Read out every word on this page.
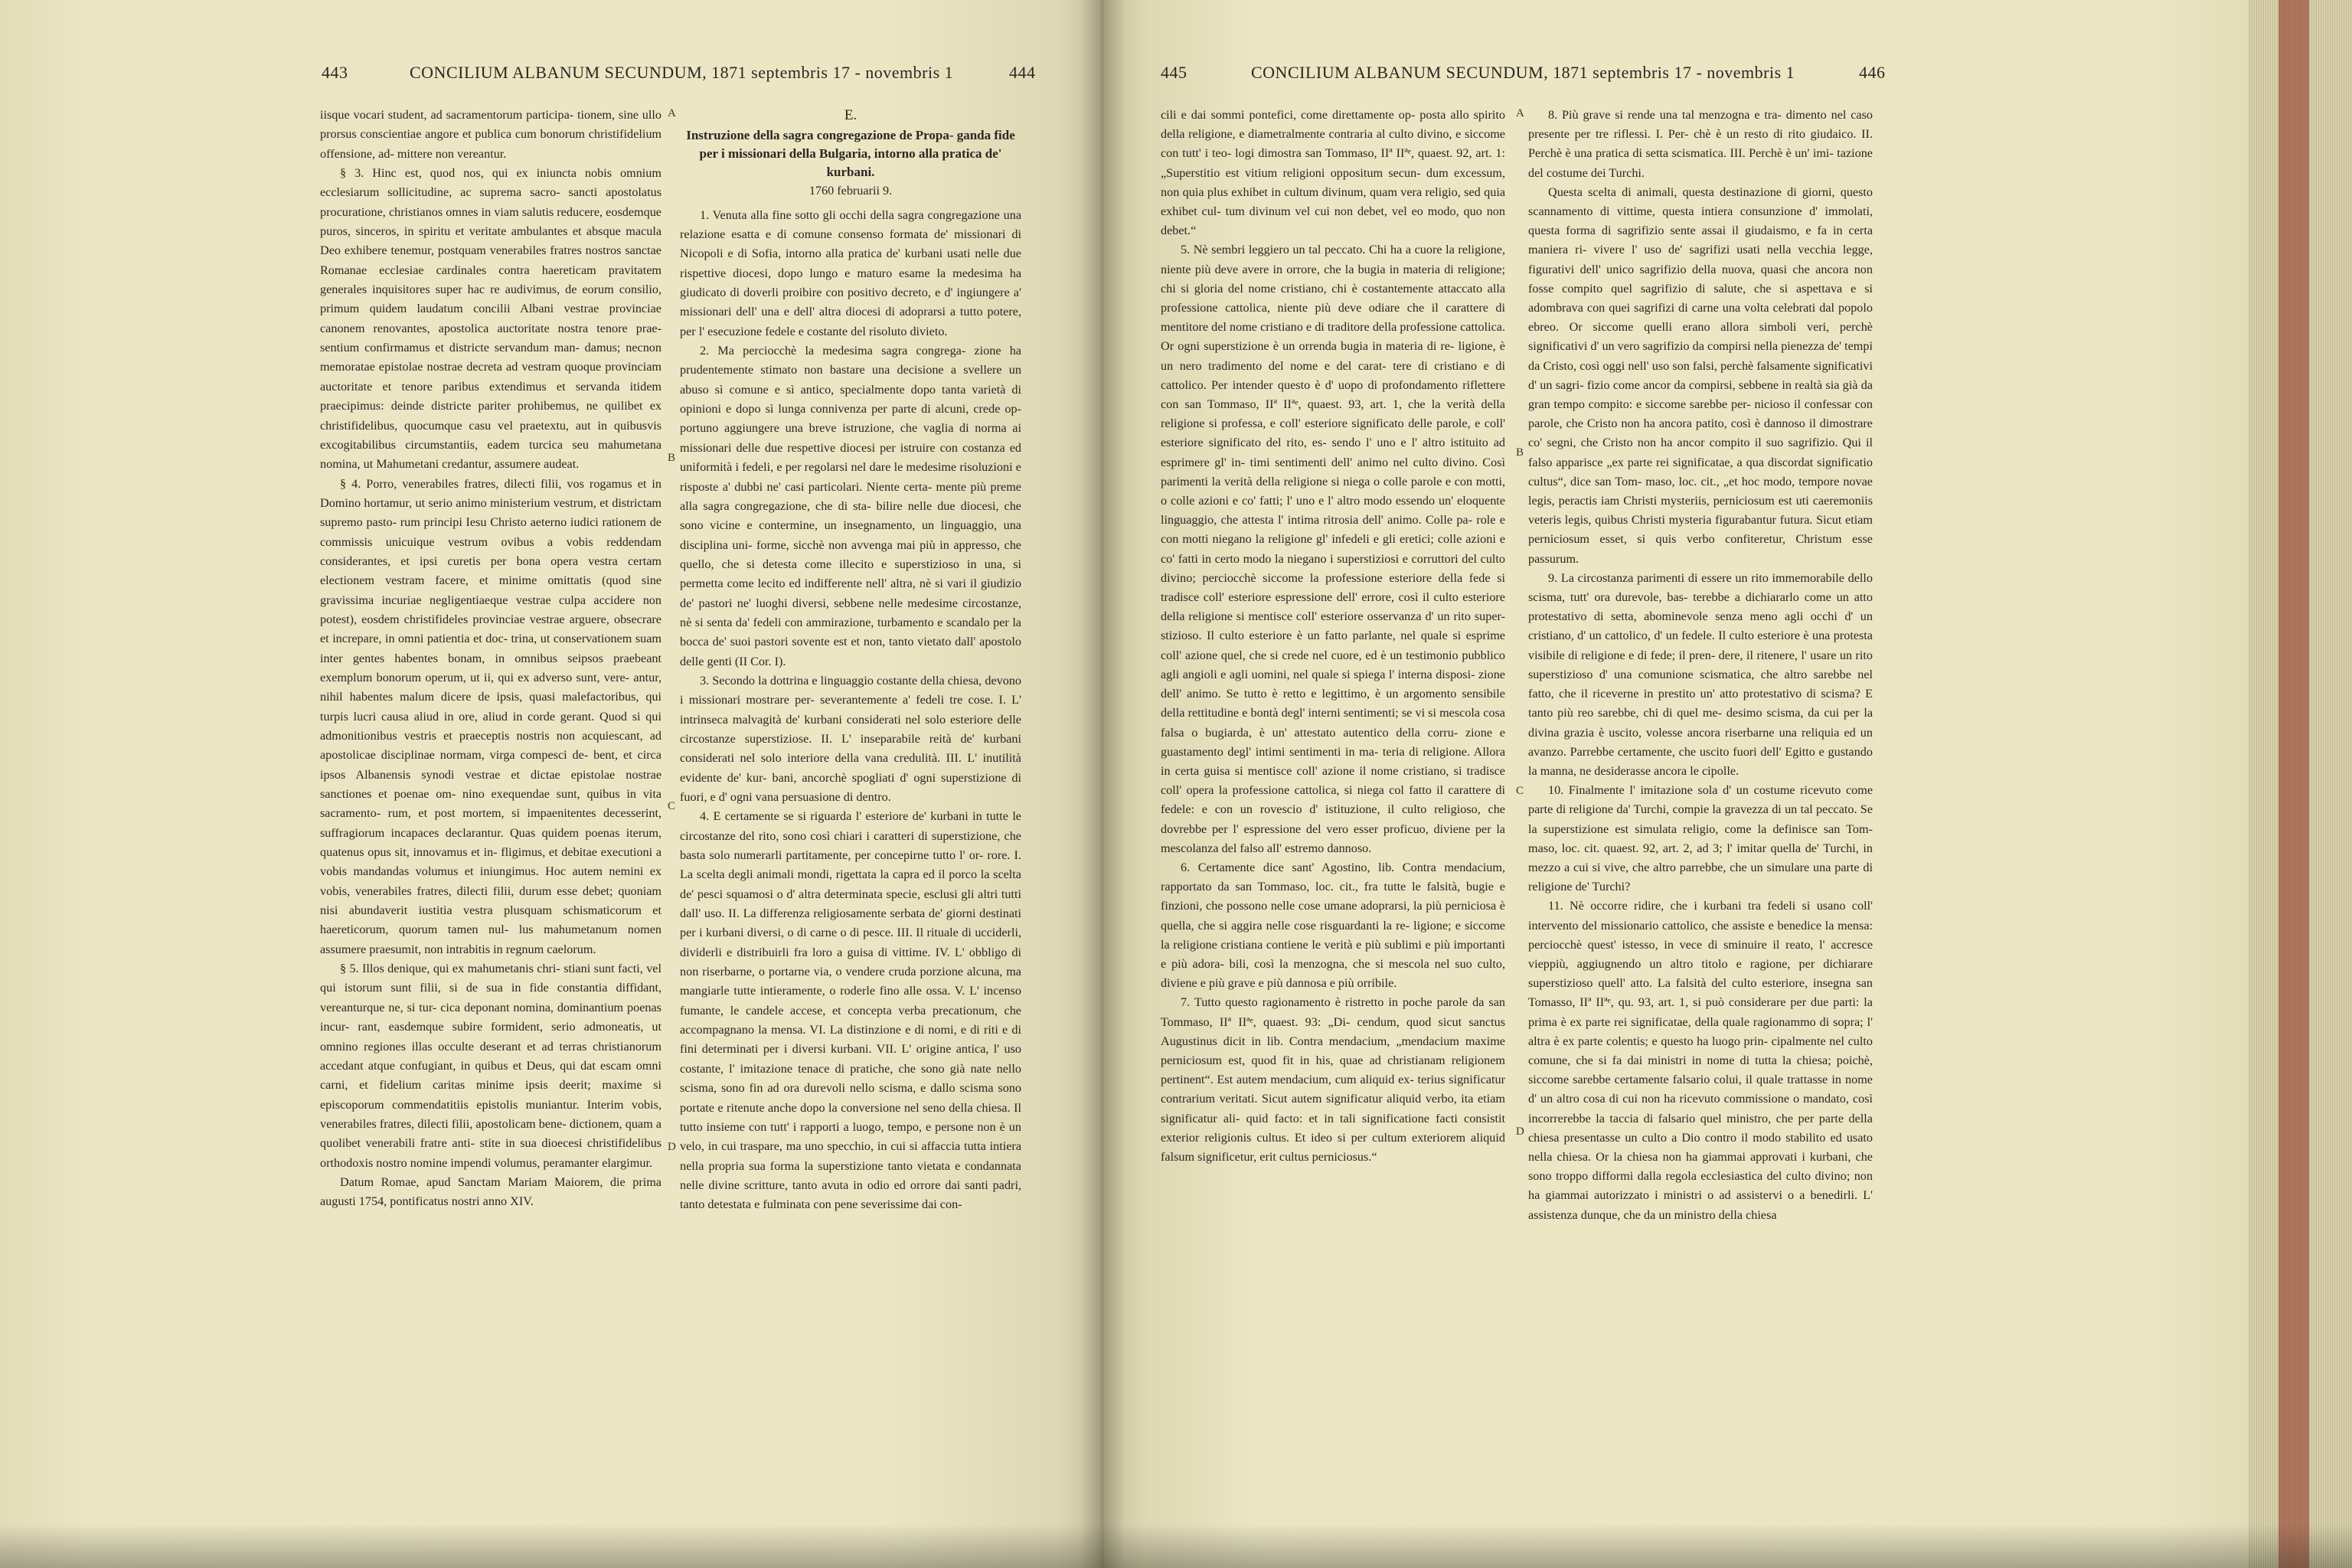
443	CONCILIUM ALBANUM SECUNDUM, 1871 septembris 17 - novembris 1	444

iisque vocari student, ad sacramentorum participa- tionem, sine ullo prorsus conscientiae angore et publica cum bonorum christifidelium offensione, ad- mittere non vereantur.

§ 3. Hinc est, quod nos, qui ex iniuncta nobis omnium ecclesiarum sollicitudine, ac suprema sacro- sancti apostolatus procuratione, christianos omnes in viam salutis reducere, eosdemque puros, sinceros, in spiritu et veritate ambulantes et absque macula Deo exhibere tenemur, postquam venerabiles fratres nostros sanctae Romanae ecclesiae cardinales contra haereticam pravitatem generales inquisitores super hac re audivimus, de eorum consilio, primum quidem laudatum concilii Albani vestrae provinciae canonem renovantes, apostolica auctoritate nostra tenore prae- sentium confirmamus et districte servandum man- damus; necnon memoratae epistolae nostrae decreta ad vestram quoque provinciam auctoritate et tenore paribus extendimus et servanda itidem praecipimus: deinde districte pariter prohibemus, ne quilibet ex christifidelibus, quocumque casu vel praetextu, aut in quibusvis excogitabilibus circumstantiis, eadem turcica seu mahumetana nomina, ut Mahumetani credantur, assumere audeat.

§ 4. Porro, venerabiles fratres, dilecti filii, vos rogamus et in Domino hortamur, ut serio animo ministerium vestrum, et districtam supremo pasto- rum principi Iesu Christo aeterno iudici rationem de commissis unicuique vestrum ovibus a vobis reddendam considerantes, et ipsi curetis per bona opera vestra certam electionem vestram facere, et minime omittatis (quod sine gravissima incuriae negligentiaeque vestrae culpa accidere non potest), eosdem christifideles provinciae vestrae arguere, obsecrare et increpare, in omni patientia et doc- trina, ut conservationem suam inter gentes habentes bonam, in omnibus seipsos praebeant exemplum bonorum operum, ut ii, qui ex adverso sunt, vere- antur, nihil habentes malum dicere de ipsis, quasi malefactoribus, qui turpis lucri causa aliud in ore, aliud in corde gerant. Quod si qui admonitionibus vestris et praeceptis nostris non acquiescant, ad apostolicae disciplinae normam, virga compesci de- bent, et circa ipsos Albanensis synodi vestrae et dictae epistolae nostrae sanctiones et poenae om- nino exequendae sunt, quibus in vita sacramento- rum, et post mortem, si impaenitentes decesserint, suffragiorum incapaces declarantur. Quas quidem poenas iterum, quatenus opus sit, innovamus et in- fligimus, et debitae executioni a vobis mandandas volumus et iniungimus. Hoc autem nemini ex vobis, venerabiles fratres, dilecti filii, durum esse debet; quoniam nisi abundaverit iustitia vestra plusquam schismaticorum et haereticorum, quorum tamen nul- lus mahumetanum nomen assumere praesumit, non intrabitis in regnum caelorum.

§ 5. Illos denique, qui ex mahumetanis chri- stiani sunt facti, vel qui istorum sunt filii, si de sua in fide constantia diffidant, vereanturque ne, si tur- cica deponant nomina, dominantium poenas incur- rant, easdemque subire formident, serio admoneatis, ut omnino regiones illas occulte deserant et ad terras christianorum accedant atque confugiant, in quibus et Deus, qui dat escam omni carni, et fidelium caritas minime ipsis deerit; maxime si episcoporum commendatitiis epistolis muniantur. Interim vobis, venerabiles fratres, dilecti filii, apostolicam bene- dictionem, quam a quolibet venerabili fratre anti- stite in sua dioecesi christifidelibus orthodoxis nostro nomine impendi volumus, peramanter elargimur.

Datum Romae, apud Sanctam Mariam Maiorem, die prima augusti 1754, pontificatus nostri anno XIV.

A
B
C
D

E.

Instruzione della sagra congregazione de Propa- ganda fide per i missionari della Bulgaria, intorno alla pratica de' kurbani.

1760 februarii 9.

1. Venuta alla fine sotto gli occhi della sagra congregazione una relazione esatta e di comune consenso formata de' missionari di Nicopoli e di Sofia, intorno alla pratica de' kurbani usati nelle due rispettive diocesi, dopo lungo e maturo esame la medesima ha giudicato di doverli proibire con positivo decreto, e d' ingiungere a' missionari dell' una e dell' altra diocesi di adoprarsi a tutto potere, per l' esecuzione fedele e costante del risoluto divieto.

2. Ma perciocchè la medesima sagra congrega- zione ha prudentemente stimato non bastare una decisione a svellere un abuso sì comune e sì antico, specialmente dopo tanta varietà di opinioni e dopo sì lunga connivenza per parte di alcuni, crede op- portuno aggiungere una breve istruzione, che vaglia di norma ai missionari delle due respettive diocesi per istruire con costanza ed uniformità i fedeli, e per regolarsi nel dare le medesime risoluzioni e risposte a' dubbi ne' casi particolari. Niente certa- mente più preme alla sagra congregazione, che di sta- bilire nelle due diocesi, che sono vicine e contermine, un insegnamento, un linguaggio, una disciplina uni- forme, sicchè non avvenga mai più in appresso, che quello, che si detesta come illecito e superstizioso in una, si permetta come lecito ed indifferente nell' altra, nè si vari il giudizio de' pastori ne' luoghi diversi, sebbene nelle medesime circostanze, nè si senta da' fedeli con ammirazione, turbamento e scandalo per la bocca de' suoi pastori sovente est et non, tanto vietato dall' apostolo delle genti (II Cor. I).

3. Secondo la dottrina e linguaggio costante della chiesa, devono i missionari mostrare per- severantemente a' fedeli tre cose. I. L' intrinseca malvagità de' kurbani considerati nel solo esteriore delle circostanze superstiziose. II. L' inseparabile reità de' kurbani considerati nel solo interiore della vana credulità. III. L' inutilità evidente de' kur- bani, ancorchè spogliati d' ogni superstizione di fuori, e d' ogni vana persuasione di dentro.

4. E certamente se si riguarda l' esteriore de' kurbani in tutte le circostanze del rito, sono così chiari i caratteri di superstizione, che basta solo numerarli partitamente, per concepirne tutto l' or- rore. I. La scelta degli animali mondi, rigettata la capra ed il porco la scelta de' pesci squamosi o d' altra determinata specie, esclusi gli altri tutti dall' uso. II. La differenza religiosamente serbata de' giorni destinati per i kurbani diversi, o di carne o di pesce. III. Il rituale di ucciderli, dividerli e distribuirli fra loro a guisa di vittime. IV. L' obbligo di non riserbarne, o portarne via, o vendere cruda porzione alcuna, ma mangiarle tutte intieramente, o roderle fino alle ossa. V. L' incenso fumante, le candele accese, et concepta verba precationum, che accompagnano la mensa. VI. La distinzione e di nomi, e di riti e di fini determinati per i diversi kurbani. VII. L' origine antica, l' uso costante, l' imitazione tenace di pratiche, che sono già nate nello scisma, sono fin ad ora durevoli nello scisma, e dallo scisma sono portate e ritenute anche dopo la conversione nel seno della chiesa. Il tutto insieme con tutt' i rapporti a luogo, tempo, e persone non è un velo, in cui traspare, ma uno specchio, in cui si affaccia tutta intiera nella propria sua forma la superstizione tanto vietata e condannata nelle divine scritture, tanto avuta in odio ed orrore dai santi padri, tanto detestata e fulminata con pene severissime dai con-

445	CONCILIUM ALBANUM SECUNDUM, 1871 septembris 17 - novembris 1	446

cili e dai sommi pontefici, come direttamente op- posta allo spirito della religione, e diametralmente contraria al culto divino, e siccome con tutt' i teo- logi dimostra san Tommaso, IIª IIªᵉ, quaest. 92, art. 1: „Superstitio est vitium religioni oppositum secun- dum excessum, non quia plus exhibet in cultum divinum, quam vera religio, sed quia exhibet cul- tum divinum vel cui non debet, vel eo modo, quo non debet.“

5. Nè sembri leggiero un tal peccato. Chi ha a cuore la religione, niente più deve avere in orrore, che la bugia in materia di religione; chi si gloria del nome cristiano, chi è costantemente attaccato alla professione cattolica, niente più deve odiare che il carattere di mentitore del nome cristiano e di traditore della professione cattolica. Or ogni superstizione è un orrenda bugia in materia di re- ligione, è un nero tradimento del nome e del carat- tere di cristiano e di cattolico. Per intender questo è d' uopo di profondamento riflettere con san Tommaso, IIª IIªᵉ, quaest. 93, art. 1, che la verità della religione si professa, e coll' esteriore significato delle parole, e coll' esteriore significato del rito, es- sendo l' uno e l' altro istituito ad esprimere gl' in- timi sentimenti dell' animo nel culto divino. Così parimenti la verità della religione si niega o colle parole e con motti, o colle azioni e co' fatti; l' uno e l' altro modo essendo un' eloquente linguaggio, che attesta l' intima ritrosia dell' animo. Colle pa- role e con motti niegano la religione gl' infedeli e gli eretici; colle azioni e co' fatti in certo modo la niegano i superstiziosi e corruttori del culto divino; perciocchè siccome la professione esteriore della fede si tradisce coll' esteriore espressione dell' errore, così il culto esteriore della religione si mentisce coll' esteriore osservanza d' un rito super- stizioso. Il culto esteriore è un fatto parlante, nel quale si esprime coll' azione quel, che si crede nel cuore, ed è un testimonio pubblico agli angioli e agli uomini, nel quale si spiega l' interna disposi- zione dell' animo. Se tutto è retto e legittimo, è un argomento sensibile della rettitudine e bontà degl' interni sentimenti; se vi si mescola cosa falsa o bugiarda, è un' attestato autentico della corru- zione e guastamento degl' intimi sentimenti in ma- teria di religione. Allora in certa guisa si mentisce coll' azione il nome cristiano, si tradisce coll' opera la professione cattolica, si niega col fatto il carattere di fedele: e con un rovescio d' istituzione, il culto religioso, che dovrebbe per l' espressione del vero esser proficuo, diviene per la mescolanza del falso all' estremo dannoso.

6. Certamente dice sant' Agostino, lib. Contra mendacium, rapportato da san Tommaso, loc. cit., fra tutte le falsità, bugie e finzioni, che possono nelle cose umane adoprarsi, la più perniciosa è quella, che si aggira nelle cose risguardanti la re- ligione; e siccome la religione cristiana contiene le verità e più sublimi e più importanti e più adora- bili, così la menzogna, che si mescola nel suo culto, diviene e più grave e più dannosa e più orribile.

7. Tutto questo ragionamento è ristretto in poche parole da san Tommaso, IIª IIªᵉ, quaest. 93: „Di- cendum, quod sicut sanctus Augustinus dicit in lib. Contra mendacium, „mendacium maxime perniciosum est, quod fit in his, quae ad christianam religionem pertinent“. Est autem mendacium, cum aliquid ex- terius significatur contrarium veritati. Sicut autem significatur aliquid verbo, ita etiam significatur ali- quid facto: et in tali significatione facti consistit exterior religionis cultus. Et ideo si per cultum exteriorem aliquid falsum significetur, erit cultus perniciosus.“

A
B
C
D

8. Più grave si rende una tal menzogna e tra- dimento nel caso presente per tre riflessi. I. Per- chè è un resto di rito giudaico. II. Perchè è una pratica di setta scismatica. III. Perchè è un' imi- tazione del costume dei Turchi.

Questa scelta di animali, questa destinazione di giorni, questo scannamento di vittime, questa intiera consunzione d' immolati, questa forma di sagrifizio sente assai il giudaismo, e fa in certa maniera ri- vivere l' uso de' sagrifizi usati nella vecchia legge, figurativi dell' unico sagrifizio della nuova, quasi che ancora non fosse compito quel sagrifizio di salute, che si aspettava e si adombrava con quei sagrifizi di carne una volta celebrati dal popolo ebreo. Or siccome quelli erano allora simboli veri, perchè significativi d' un vero sagrifizio da compirsi nella pienezza de' tempi da Cristo, così oggi nell' uso son falsi, perchè falsamente significativi d' un sagri- fizio come ancor da compirsi, sebbene in realtà sia già da gran tempo compito: e siccome sarebbe per- nicioso il confessar con parole, che Cristo non ha ancora patito, così è dannoso il dimostrare co' segni, che Cristo non ha ancor compito il suo sagrifizio. Qui il falso apparisce „ex parte rei significatae, a qua discordat significatio cultus“, dice san Tom- maso, loc. cit., „et hoc modo, tempore novae legis, peractis iam Christi mysteriis, perniciosum est uti caeremoniis veteris legis, quibus Christi mysteria figurabantur futura. Sicut etiam perniciosum esset, si quis verbo confiteretur, Christum esse passurum.

9. La circostanza parimenti di essere un rito immemorabile dello scisma, tutt' ora durevole, bas- terebbe a dichiararlo come un atto protestativo di setta, abominevole senza meno agli occhi d' un cristiano, d' un cattolico, d' un fedele. Il culto esteriore è una protesta visibile di religione e di fede; il pren- dere, il ritenere, l' usare un rito superstizioso d' una comunione scismatica, che altro sarebbe nel fatto, che il riceverne in prestito un' atto protestativo di scisma? E tanto più reo sarebbe, chi di quel me- desimo scisma, da cui per la divina grazia è uscito, volesse ancora riserbarne una reliquia ed un avanzo. Parrebbe certamente, che uscito fuori dell' Egitto e gustando la manna, ne desiderasse ancora le cipolle.

10. Finalmente l' imitazione sola d' un costume ricevuto come parte di religione da' Turchi, compie la gravezza di un tal peccato. Se la superstizione est simulata religio, come la definisce san Tom- maso, loc. cit. quaest. 92, art. 2, ad 3; l' imitar quella de' Turchi, in mezzo a cui si vive, che altro parrebbe, che un simulare una parte di religione de' Turchi?

11. Nè occorre ridire, che i kurbani tra fedeli si usano coll' intervento del missionario cattolico, che assiste e benedice la mensa: perciocchè quest' istesso, in vece di sminuire il reato, l' accresce vieppiù, aggiugnendo un altro titolo e ragione, per dichiarare superstizioso quell' atto. La falsità del culto esteriore, insegna san Tomasso, IIª IIªᵉ, qu. 93, art. 1, si può considerare per due parti: la prima è ex parte rei significatae, della quale ragionammo di sopra; l' altra è ex parte colentis; e questo ha luogo prin- cipalmente nel culto comune, che si fa dai ministri in nome di tutta la chiesa; poichè, siccome sarebbe certamente falsario colui, il quale trattasse in nome d' un altro cosa di cui non ha ricevuto commissione o mandato, così incorrerebbe la taccia di falsario quel ministro, che per parte della chiesa presentasse un culto a Dio contro il modo stabilito ed usato nella chiesa. Or la chiesa non ha giammai approvati i kurbani, che sono troppo difformi dalla regola ecclesiastica del culto divino; non ha giammai autorizzato i ministri o ad assistervi o a benedirli. L' assistenza dunque, che da un ministro della chiesa
